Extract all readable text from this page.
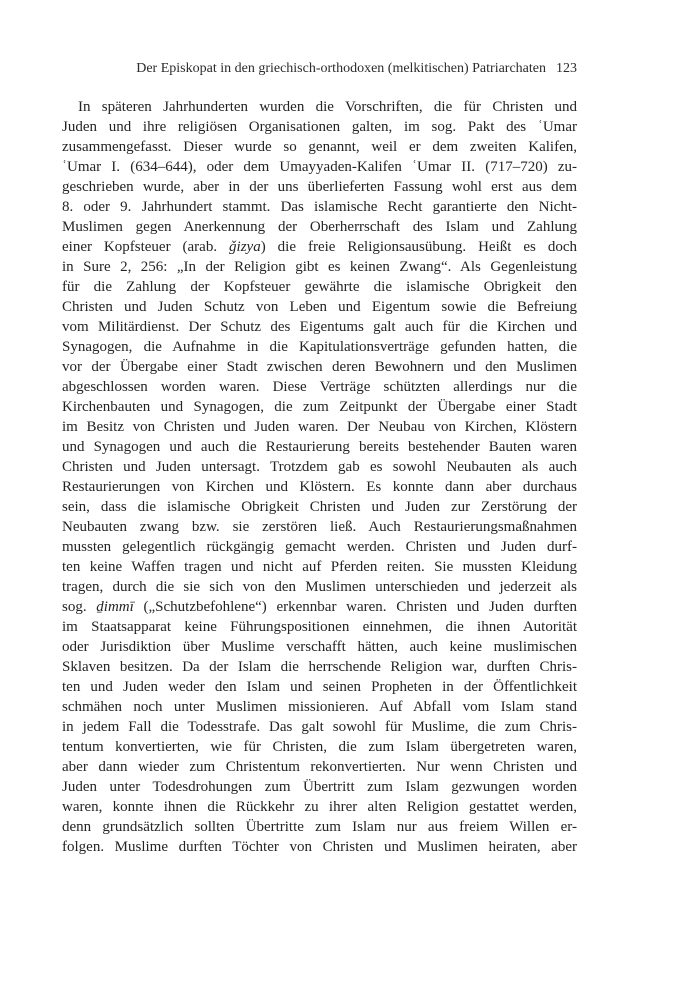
Der Episkopat in den griechisch-orthodoxen (melkitischen) Patriarchaten 123
In späteren Jahrhunderten wurden die Vorschriften, die für Christen und
Juden und ihre religiösen Organisationen galten, im sog. Pakt des ʿUmar
zusammengefasst. Dieser wurde so genannt, weil er dem zweiten Kalifen,
ʿUmar I. (634–644), oder dem Umayyaden-Kalifen ʿUmar II. (717–720) zu-
geschrieben wurde, aber in der uns überlieferten Fassung wohl erst aus dem
8. oder 9. Jahrhundert stammt. Das islamische Recht garantierte den Nicht-
Muslimen gegen Anerkennung der Oberherrschaft des Islam und Zahlung
einer Kopfsteuer (arab. ǧizya) die freie Religionsausübung. Heißt es doch
in Sure 2, 256: „In der Religion gibt es keinen Zwang“. Als Gegenleistung
für die Zahlung der Kopfsteuer gewährte die islamische Obrigkeit den
Christen und Juden Schutz von Leben und Eigentum sowie die Befreiung
vom Militärdienst. Der Schutz des Eigentums galt auch für die Kirchen und
Synagogen, die Aufnahme in die Kapitulationsverträge gefunden hatten, die
vor der Übergabe einer Stadt zwischen deren Bewohnern und den Muslimen
abgeschlossen worden waren. Diese Verträge schützten allerdings nur die
Kirchenbauten und Synagogen, die zum Zeitpunkt der Übergabe einer Stadt
im Besitz von Christen und Juden waren. Der Neubau von Kirchen, Klöstern
und Synagogen und auch die Restaurierung bereits bestehender Bauten waren
Christen und Juden untersagt. Trotzdem gab es sowohl Neubauten als auch
Restaurierungen von Kirchen und Klöstern. Es konnte dann aber durchaus
sein, dass die islamische Obrigkeit Christen und Juden zur Zerstörung der
Neubauten zwang bzw. sie zerstören ließ. Auch Restaurierungsmaßnahmen
mussten gelegentlich rückgängig gemacht werden. Christen und Juden durf-
ten keine Waffen tragen und nicht auf Pferden reiten. Sie mussten Kleidung
tragen, durch die sie sich von den Muslimen unterschieden und jederzeit als
sog. ḏimmī („Schutzbefohlene“) erkennbar waren. Christen und Juden durften
im Staatsapparat keine Führungspositionen einnehmen, die ihnen Autorität
oder Jurisdiktion über Muslime verschafft hätten, auch keine muslimischen
Sklaven besitzen. Da der Islam die herrschende Religion war, durften Chris-
ten und Juden weder den Islam und seinen Propheten in der Öffentlichkeit
schmähen noch unter Muslimen missionieren. Auf Abfall vom Islam stand
in jedem Fall die Todesstrafe. Das galt sowohl für Muslime, die zum Chris-
tentum konvertierten, wie für Christen, die zum Islam übergetreten waren,
aber dann wieder zum Christentum rekonvertierten. Nur wenn Christen und
Juden unter Todesdrohungen zum Übertritt zum Islam gezwungen worden
waren, konnte ihnen die Rückkehr zu ihrer alten Religion gestattet werden,
denn grundsätzlich sollten Übertritte zum Islam nur aus freiem Willen er-
folgen. Muslime durften Töchter von Christen und Muslimen heiraten, aber
